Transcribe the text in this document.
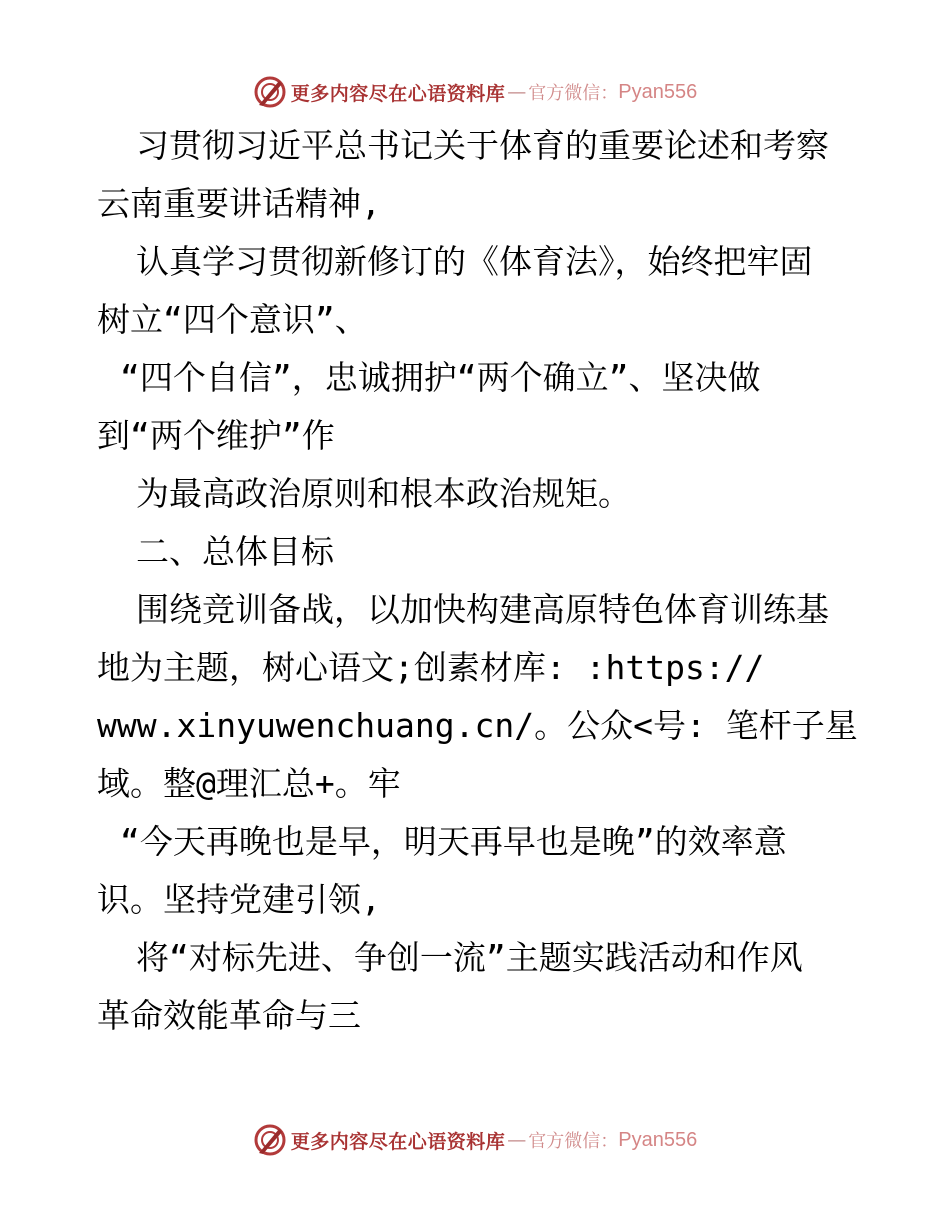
更多内容尽在心语资料库 — 官方微信： Pyan556
习贯彻习近平总书记关于体育的重要论述和考察
云南重要讲话精神,
认真学习贯彻新修订的《体育法》，始终把牢固
树立“四个意识”、
“四个自信”，忠诚拥护“两个确立”、坚决做
到“两个维护”作
为最高政治原则和根本政治规矩。
二、总体目标
围绕竞训备战，以加快构建高原特色体育训练基
地为主题，树心语文;创素材库: :https://
www.xinyuwenchuang.cn/。公众<号: 笔杆子星
域。整@理汇总+。牢
“今天再晚也是早，明天再早也是晚”的效率意
识。坚持党建引领,
将“对标先进、争创一流”主题实践活动和作风
革命效能革命与三
更多内容尽在心语资料库 — 官方微信： Pyan556
